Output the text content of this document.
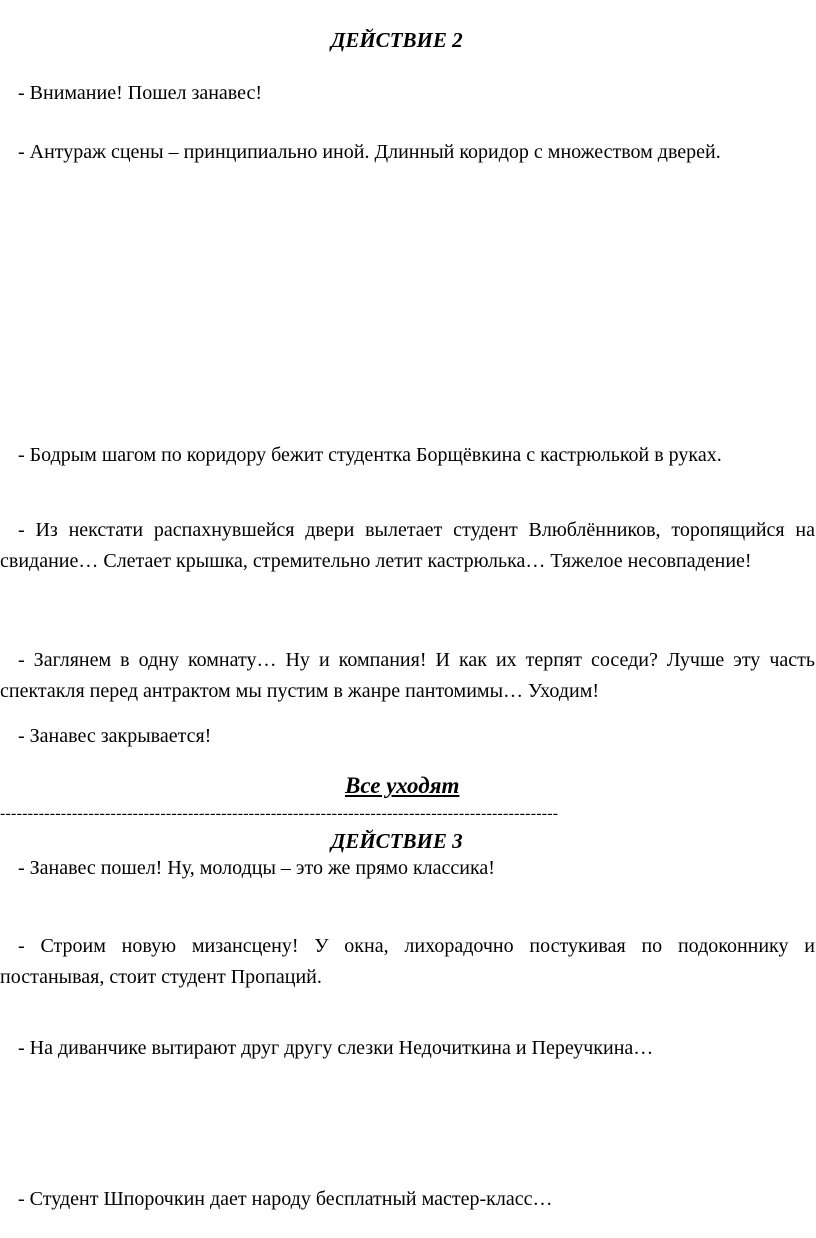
ДЕЙСТВИЕ 2

- Внимание! Пошел занавес!

- Антураж сцены – принципиально иной. Длинный коридор с множеством дверей.

- Бодрым шагом по коридору бежит студентка Борщёвкина с кастрюлькой в руках.

- Из некстати распахнувшейся двери вылетает студент Влюблёнников, торопящийся на свидание… Слетает крышка, стремительно летит кастрюлька… Тяжелое несовпадение!

- Заглянем в одну комнату… Ну и компания! И как их терпят соседи? Лучше эту часть спектакля перед антрактом мы пустим в жанре пантомимы… Уходим!

- Занавес закрывается!

Все уходят

-----------------------------------------------------------------------------------------------------

ДЕЙСТВИЕ 3

- Занавес пошел! Ну, молодцы – это же прямо классика!

- Строим новую мизансцену! У окна, лихорадочно постукивая по подоконнику и постанывая, стоит студент Пропаций.

- На диванчике вытирают друг другу слезки Недочиткина и Переучкина…

- Студент Шпорочкин дает народу бесплатный мастер-класс…
